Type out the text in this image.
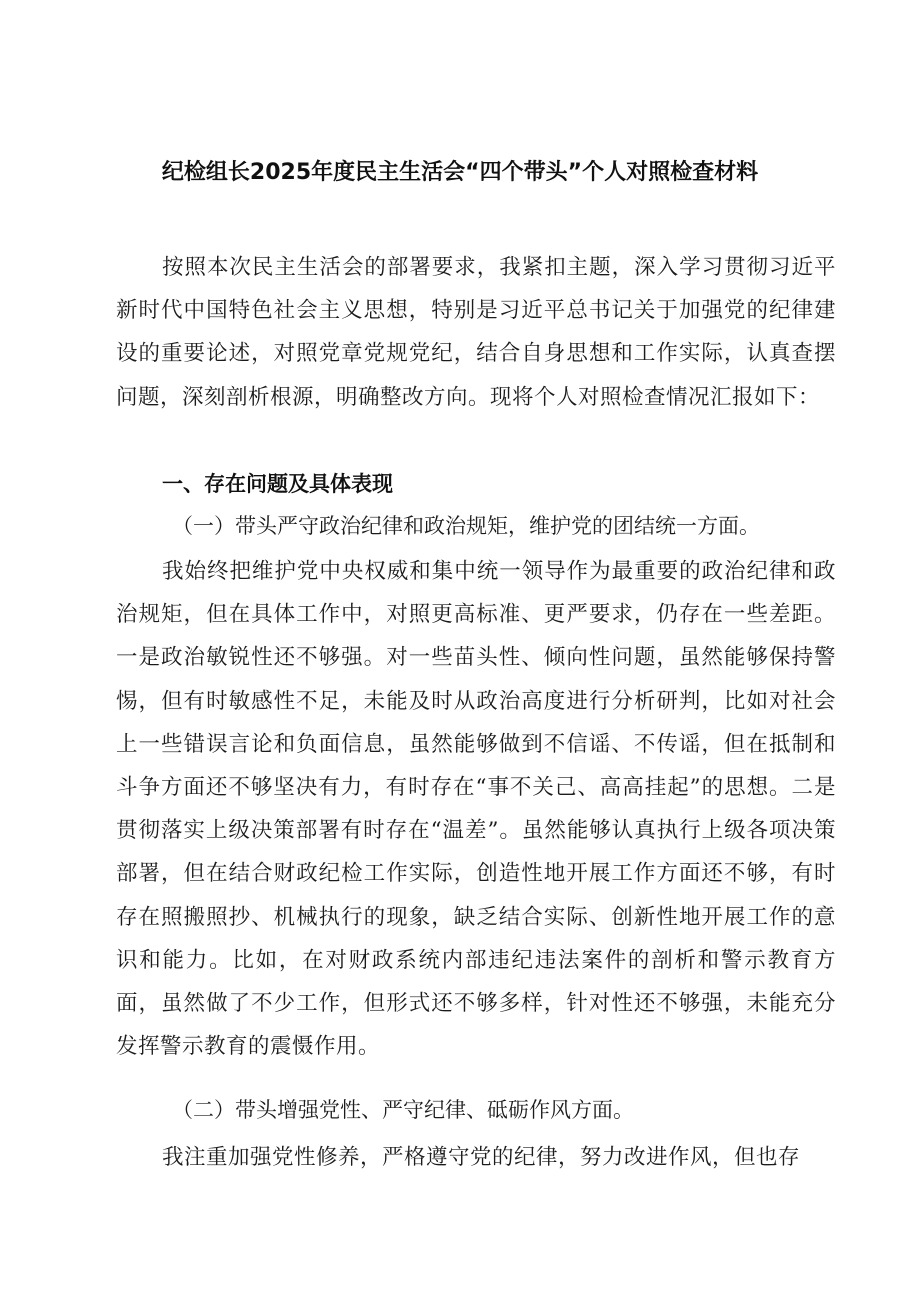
纪检组长2025年度民主生活会“四个带头”个人对照检查材料

按照本次民主生活会的部署要求，我紧扣主题，深入学习贯彻习近平新时代中国特色社会主义思想，特别是习近平总书记关于加强党的纪律建设的重要论述，对照党章党规党纪，结合自身思想和工作实际，认真查摆问题，深刻剖析根源，明确整改方向。现将个人对照检查情况汇报如下：

一、存在问题及具体表现

（一）带头严守政治纪律和政治规矩，维护党的团结统一方面。

我始终把维护党中央权威和集中统一领导作为最重要的政治纪律和政治规矩，但在具体工作中，对照更高标准、更严要求，仍存在一些差距。一是政治敏锐性还不够强。对一些苗头性、倾向性问题，虽然能够保持警惕，但有时敏感性不足，未能及时从政治高度进行分析研判，比如对社会上一些错误言论和负面信息，虽然能够做到不信谣、不传谣，但在抵制和斗争方面还不够坚决有力，有时存在“事不关己、高高挂起”的思想。二是贯彻落实上级决策部署有时存在“温差”。虽然能够认真执行上级各项决策部署，但在结合财政纪检工作实际，创造性地开展工作方面还不够，有时存在照搬照抄、机械执行的现象，缺乏结合实际、创新性地开展工作的意识和能力。比如，在对财政系统内部违纪违法案件的剖析和警示教育方面，虽然做了不少工作，但形式还不够多样，针对性还不够强，未能充分发挥警示教育的震慑作用。

（二）带头增强党性、严守纪律、砥砺作风方面。

我注重加强党性修养，严格遵守党的纪律，努力改进作风，但也存
